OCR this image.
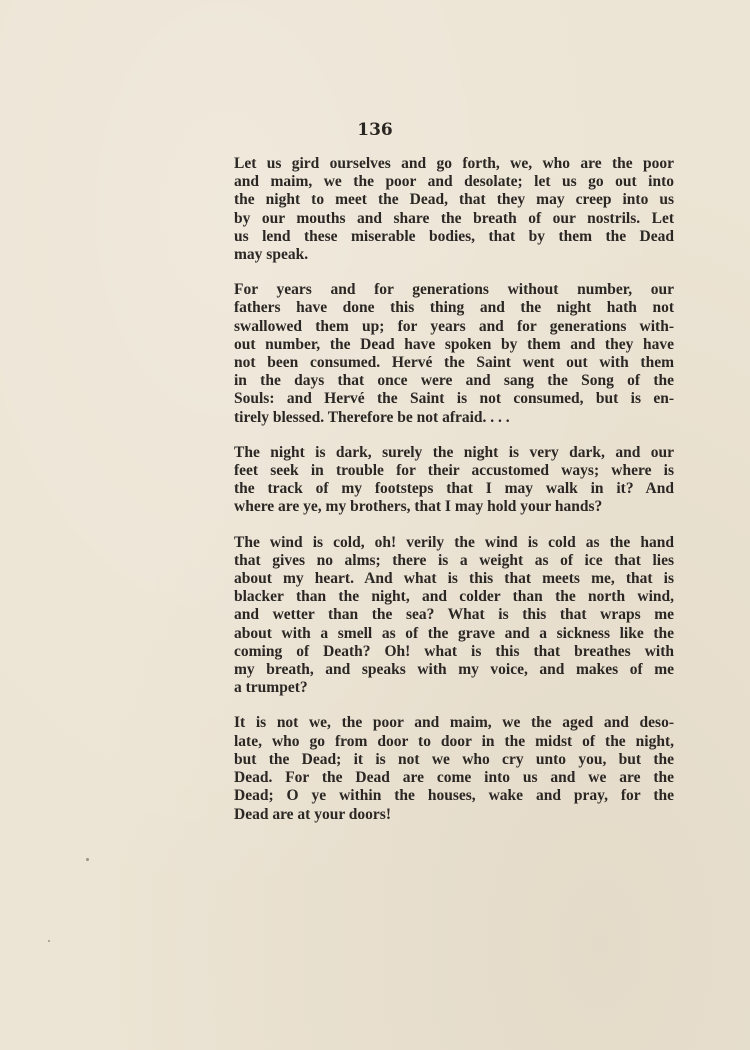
136

Let us gird ourselves and go forth, we, who are the poor
and maim, we the poor and desolate; let us go out into
the night to meet the Dead, that they may creep into us
by our mouths and share the breath of our nostrils. Let
us lend these miserable bodies, that by them the Dead
may speak.

For years and for generations without number, our
fathers have done this thing and the night hath not
swallowed them up; for years and for generations with-
out number, the Dead have spoken by them and they have
not been consumed. Hervé the Saint went out with them
in the days that once were and sang the Song of the
Souls: and Hervé the Saint is not consumed, but is en-
tirely blessed. Therefore be not afraid. . . .

The night is dark, surely the night is very dark, and our
feet seek in trouble for their accustomed ways; where is
the track of my footsteps that I may walk in it? And
where are ye, my brothers, that I may hold your hands?

The wind is cold, oh! verily the wind is cold as the hand
that gives no alms; there is a weight as of ice that lies
about my heart. And what is this that meets me, that is
blacker than the night, and colder than the north wind,
and wetter than the sea? What is this that wraps me
about with a smell as of the grave and a sickness like the
coming of Death? Oh! what is this that breathes with
my breath, and speaks with my voice, and makes of me
a trumpet?

It is not we, the poor and maim, we the aged and deso-
late, who go from door to door in the midst of the night,
but the Dead; it is not we who cry unto you, but the
Dead. For the Dead are come into us and we are the
Dead; O ye within the houses, wake and pray, for the
Dead are at your doors!
